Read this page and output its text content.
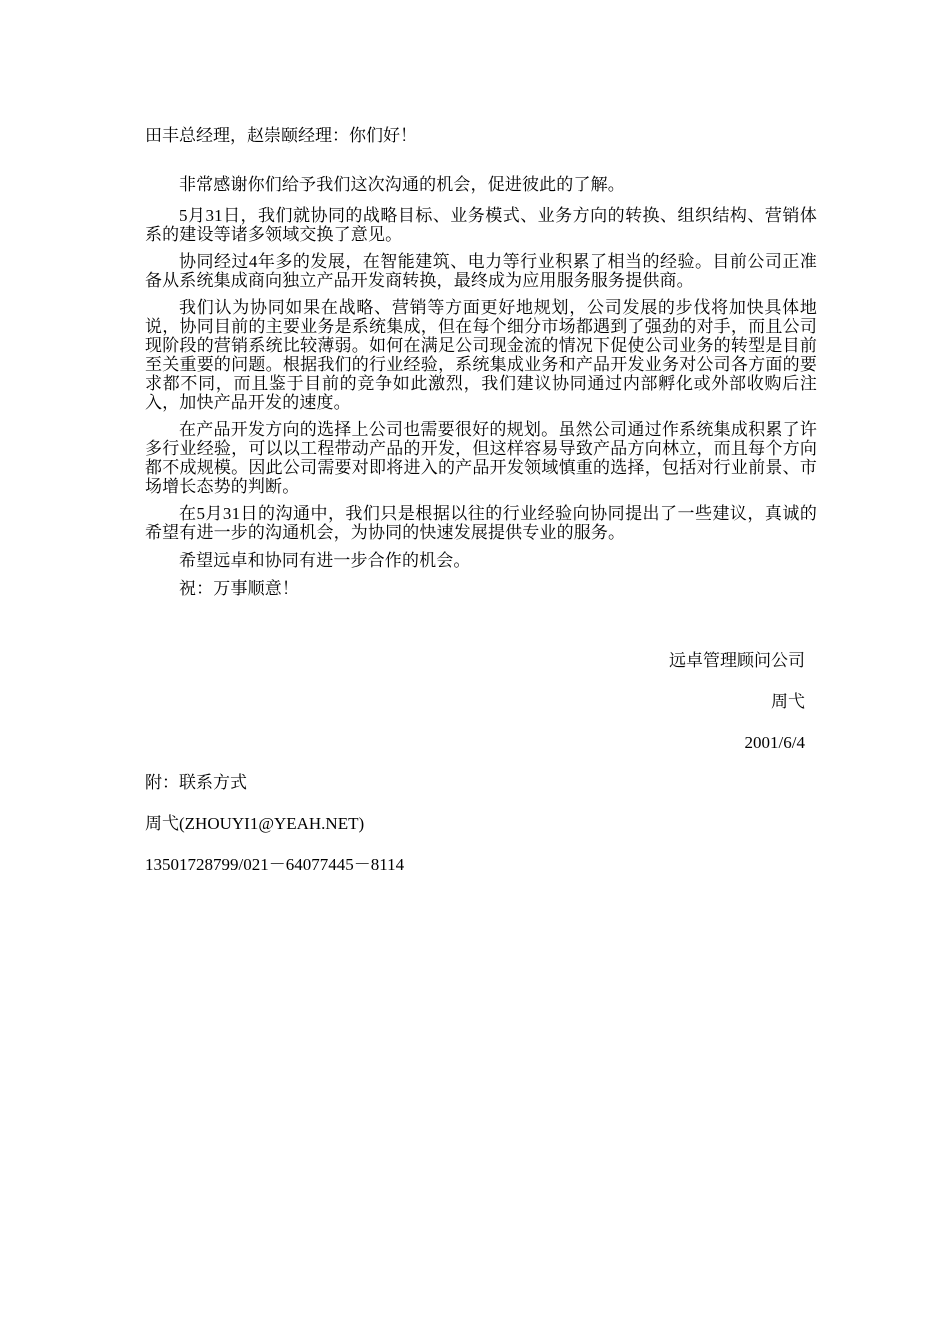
田丰总经理，赵崇颐经理：你们好！

非常感谢你们给予我们这次沟通的机会，促进彼此的了解。

5月31日，我们就协同的战略目标、业务模式、业务方向的转换、组织结构、营销体系的建设等诸多领域交换了意见。

协同经过4年多的发展，在智能建筑、电力等行业积累了相当的经验。目前公司正准备从系统集成商向独立产品开发商转换，最终成为应用服务服务提供商。

我们认为协同如果在战略、营销等方面更好地规划，公司发展的步伐将加快具体地说，协同目前的主要业务是系统集成，但在每个细分市场都遇到了强劲的对手，而且公司现阶段的营销系统比较薄弱。如何在满足公司现金流的情况下促使公司业务的转型是目前至关重要的问题。根据我们的行业经验，系统集成业务和产品开发业务对公司各方面的要求都不同，而且鉴于目前的竞争如此激烈，我们建议协同通过内部孵化或外部收购后注入，加快产品开发的速度。

在产品开发方向的选择上公司也需要很好的规划。虽然公司通过作系统集成积累了许多行业经验，可以以工程带动产品的开发，但这样容易导致产品方向林立，而且每个方向都不成规模。因此公司需要对即将进入的产品开发领域慎重的选择，包括对行业前景、市场增长态势的判断。

在5月31日的沟通中，我们只是根据以往的行业经验向协同提出了一些建议，真诚的希望有进一步的沟通机会，为协同的快速发展提供专业的服务。

希望远卓和协同有进一步合作的机会。

祝：万事顺意！

远卓管理顾问公司
周弋
2001/6/4
附：联系方式
周弋(ZHOUYI1@YEAH.NET)
13501728799/021－64077445－8114
